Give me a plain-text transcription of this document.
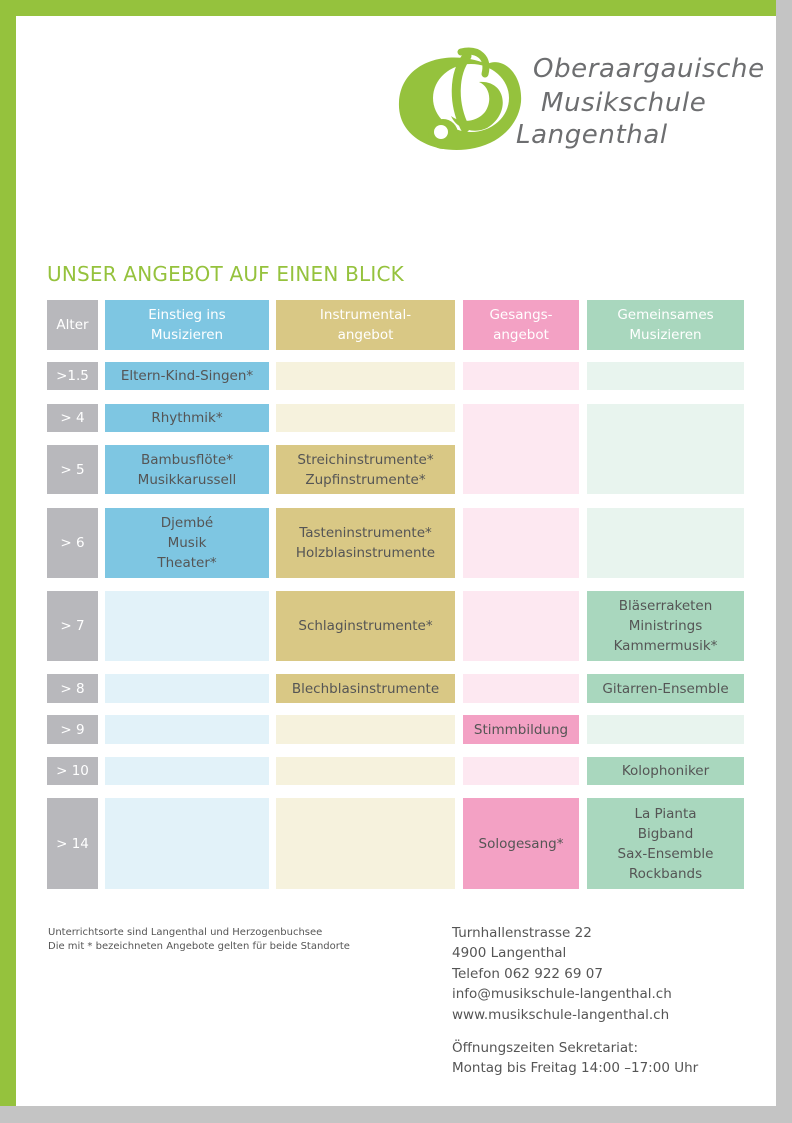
Oberaargauische
Musikschule
Langenthal
UNSER ANGEBOT AUF EINEN BLICK
Alter
Einstieg ins
Musizieren
Instrumental-
angebot
Gesangs-
angebot
Gemeinsames
Musizieren
>1.5
> 4
> 5
> 6
> 7
> 8
> 9
> 10
> 14
Eltern-Kind-Singen*
Rhythmik*
Bambusflöte*
Musikkarussell
Djembé
Musik
Theater*
Streichinstrumente*
Zupfinstrumente*
Tasteninstrumente*
Holzblasinstrumente
Schlaginstrumente*
Blechblasinstrumente
Stimmbildung
Sologesang*
Bläserraketen
Ministrings
Kammermusik*
Gitarren-Ensemble
Kolophoniker
La Pianta
Bigband
Sax-Ensemble
Rockbands
Unterrichtsorte sind Langenthal und Herzogenbuchsee
Die mit * bezeichneten Angebote gelten für beide Standorte
Turnhallenstrasse 22
4900 Langenthal
Telefon 062 922 69 07
info@musikschule-langenthal.ch
www.musikschule-langenthal.ch
Öffnungszeiten Sekretariat:
Montag bis Freitag 14:00 –17:00 Uhr
